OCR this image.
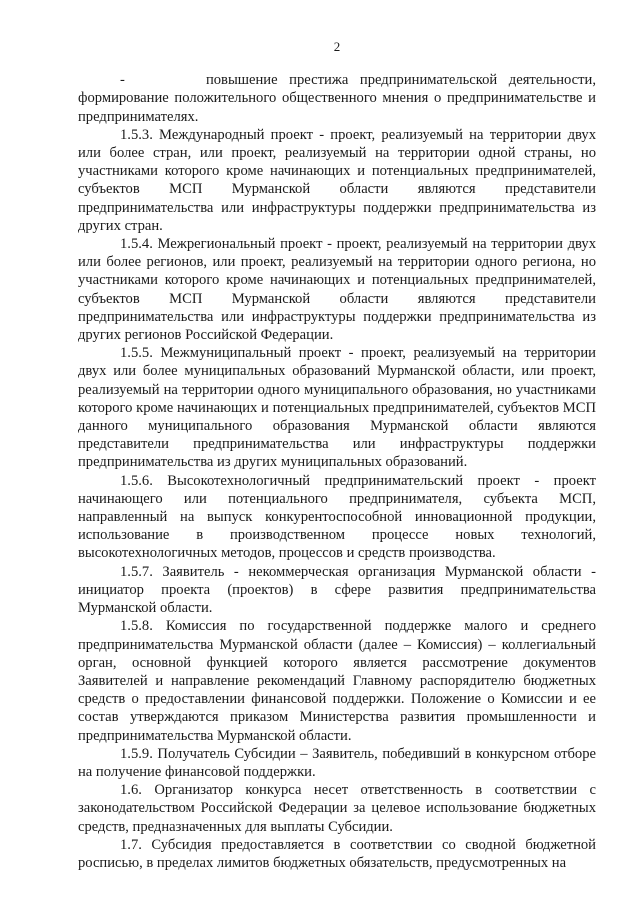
2

-       повышение престижа предпринимательской деятельности, формирование положительного общественного мнения о предпринимательстве и предпринимателях.

1.5.3. Международный проект - проект, реализуемый на территории двух или более стран, или проект, реализуемый на территории одной страны, но участниками которого кроме начинающих и потенциальных предпринимателей, субъектов МСП Мурманской области являются представители предпринимательства или инфраструктуры поддержки предпринимательства из других стран.

1.5.4. Межрегиональный проект - проект, реализуемый на территории двух или более регионов, или проект, реализуемый на территории одного региона, но участниками которого кроме начинающих и потенциальных предпринимателей, субъектов МСП Мурманской области являются представители предпринимательства или инфраструктуры поддержки предпринимательства из других регионов Российской Федерации.

1.5.5. Межмуниципальный проект - проект, реализуемый на территории двух или более муниципальных образований Мурманской области, или проект, реализуемый на территории одного муниципального образования, но участниками которого кроме начинающих и потенциальных предпринимателей, субъектов МСП данного муниципального образования Мурманской области являются представители предпринимательства или инфраструктуры поддержки предпринимательства из других муниципальных образований.

1.5.6. Высокотехнологичный предпринимательский проект - проект начинающего или потенциального предпринимателя, субъекта МСП, направленный на выпуск конкурентоспособной инновационной продукции, использование в производственном процессе новых технологий, высокотехнологичных методов, процессов и средств производства.

1.5.7. Заявитель - некоммерческая организация Мурманской области - инициатор проекта (проектов) в сфере развития предпринимательства Мурманской области.

1.5.8. Комиссия по государственной поддержке малого и среднего предпринимательства Мурманской области (далее – Комиссия) – коллегиальный орган, основной функцией которого является рассмотрение документов Заявителей и направление рекомендаций Главному распорядителю бюджетных средств о предоставлении финансовой поддержки. Положение о Комиссии и ее состав утверждаются приказом Министерства развития промышленности и предпринимательства Мурманской области.

1.5.9. Получатель Субсидии – Заявитель, победивший в конкурсном отборе на получение финансовой поддержки.

1.6. Организатор конкурса несет ответственность в соответствии с законодательством Российской Федерации за целевое использование бюджетных средств, предназначенных для выплаты Субсидии.

1.7. Субсидия предоставляется в соответствии со сводной бюджетной росписью, в пределах лимитов бюджетных обязательств, предусмотренных на
